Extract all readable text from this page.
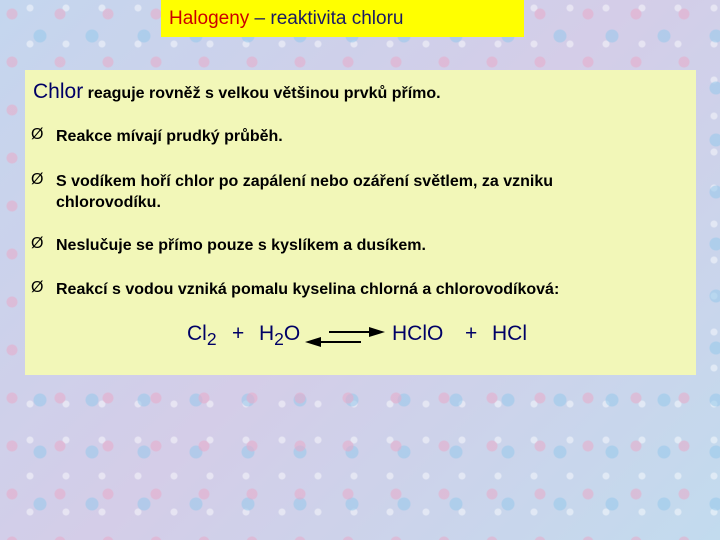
Halogeny – reaktivita chloru
Chlor reaguje rovněž s velkou většinou prvků přímo.
Ø Reakce mívají prudký průběh.
Ø S vodíkem hoří chlor po zapálení nebo ozáření světlem, za vzniku chlorovodíku.
Ø Neslučuje se přímo pouze s kyslíkem a dusíkem.
Ø Reakcí s vodou vzniká pomalu kyselina chlorná a chlorovodíková:
$Cl_2 + H_2O$ ⇌ HClO + HCl
